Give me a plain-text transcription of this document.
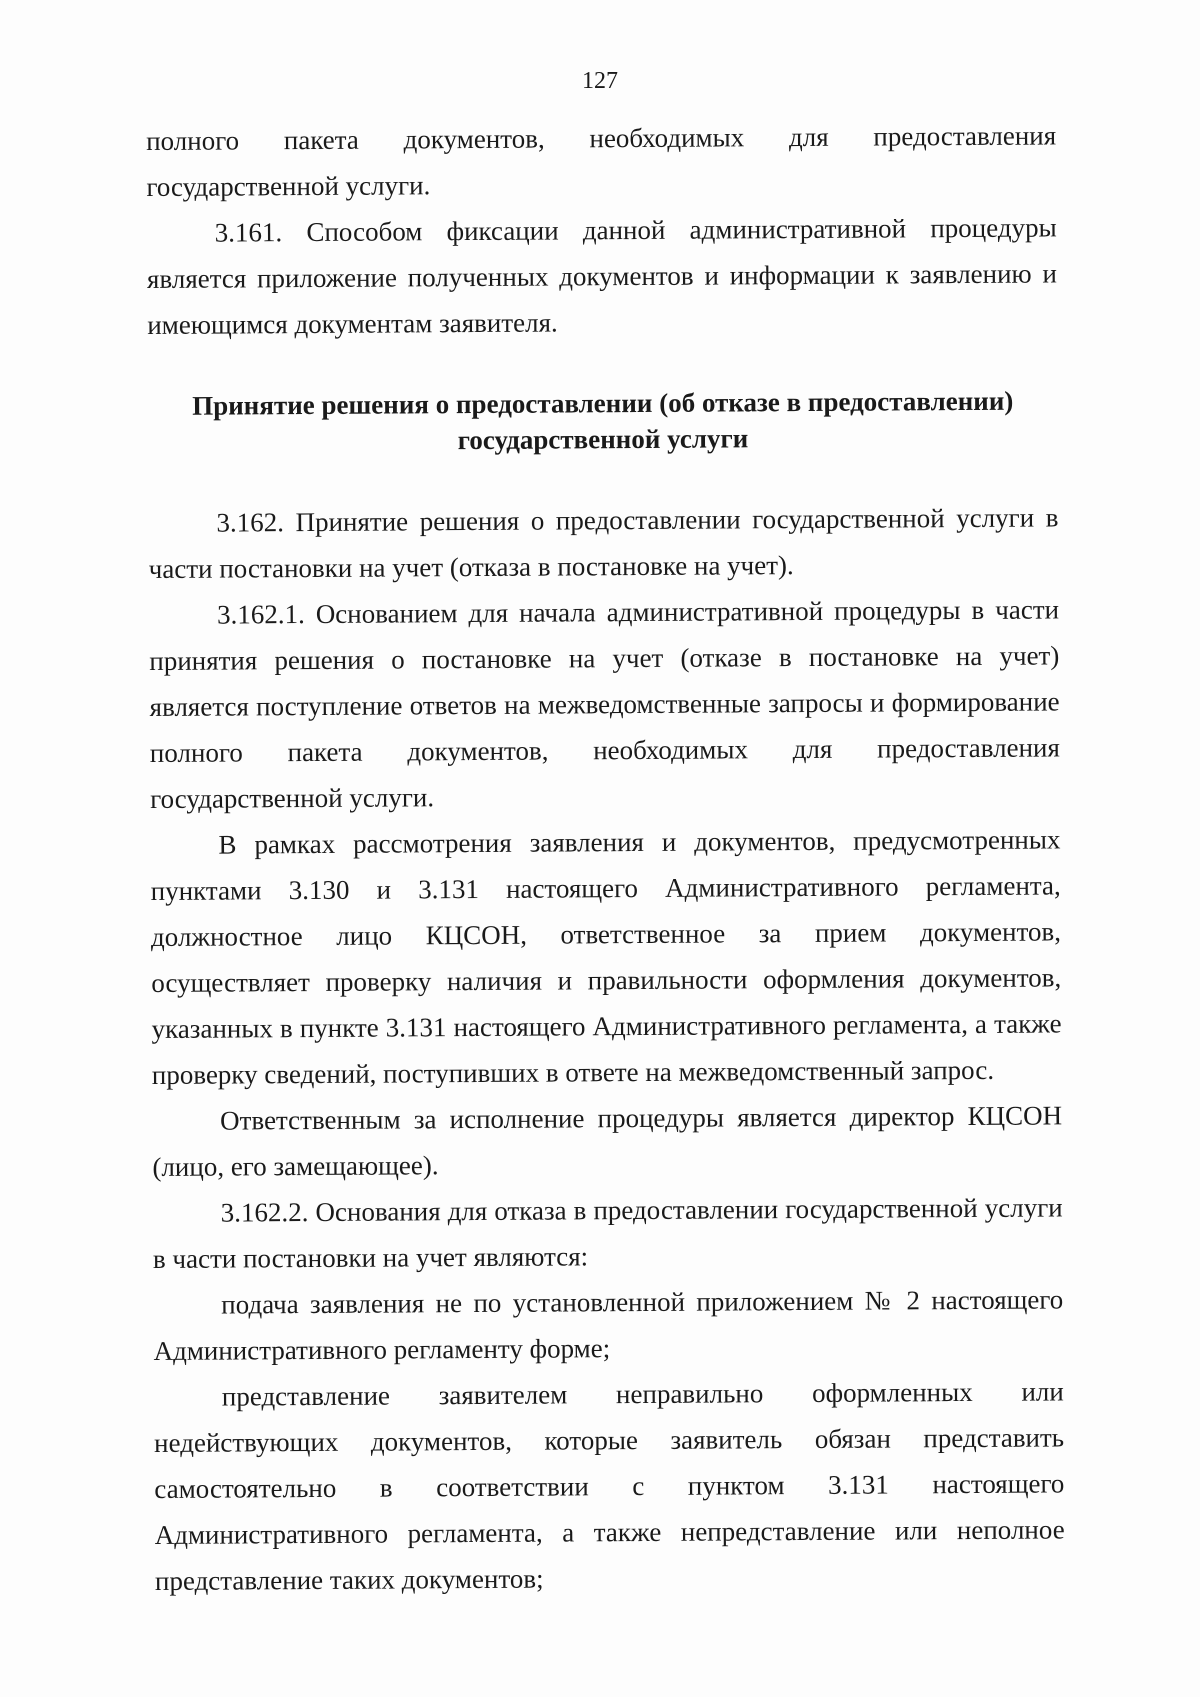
127

полного пакета документов, необходимых для предоставления государственной услуги.

3.161. Способом фиксации данной административной процедуры является приложение полученных документов и информации к заявлению и имеющимся документам заявителя.

Принятие решения о предоставлении (об отказе в предоставлении)
государственной услуги

3.162. Принятие решения о предоставлении государственной услуги в части постановки на учет (отказа в постановке на учет).

3.162.1. Основанием для начала административной процедуры в части принятия решения о постановке на учет (отказе в постановке на учет) является поступление ответов на межведомственные запросы и формирование полного пакета документов, необходимых для предоставления государственной услуги.

В рамках рассмотрения заявления и документов, предусмотренных пунктами 3.130 и 3.131 настоящего Административного регламента, должностное лицо КЦСОН, ответственное за прием документов, осуществляет проверку наличия и правильности оформления документов, указанных в пункте 3.131 настоящего Административного регламента, а также проверку сведений, поступивших в ответе на межведомственный запрос.

Ответственным за исполнение процедуры является директор КЦСОН (лицо, его замещающее).

3.162.2. Основания для отказа в предоставлении государственной услуги в части постановки на учет являются:

подача заявления не по установленной приложением № 2 настоящего Административного регламенту форме;

представление заявителем неправильно оформленных или недействующих документов, которые заявитель обязан представить самостоятельно в соответствии с пунктом 3.131 настоящего Административного регламента, а также непредставление или неполное представление таких документов;
